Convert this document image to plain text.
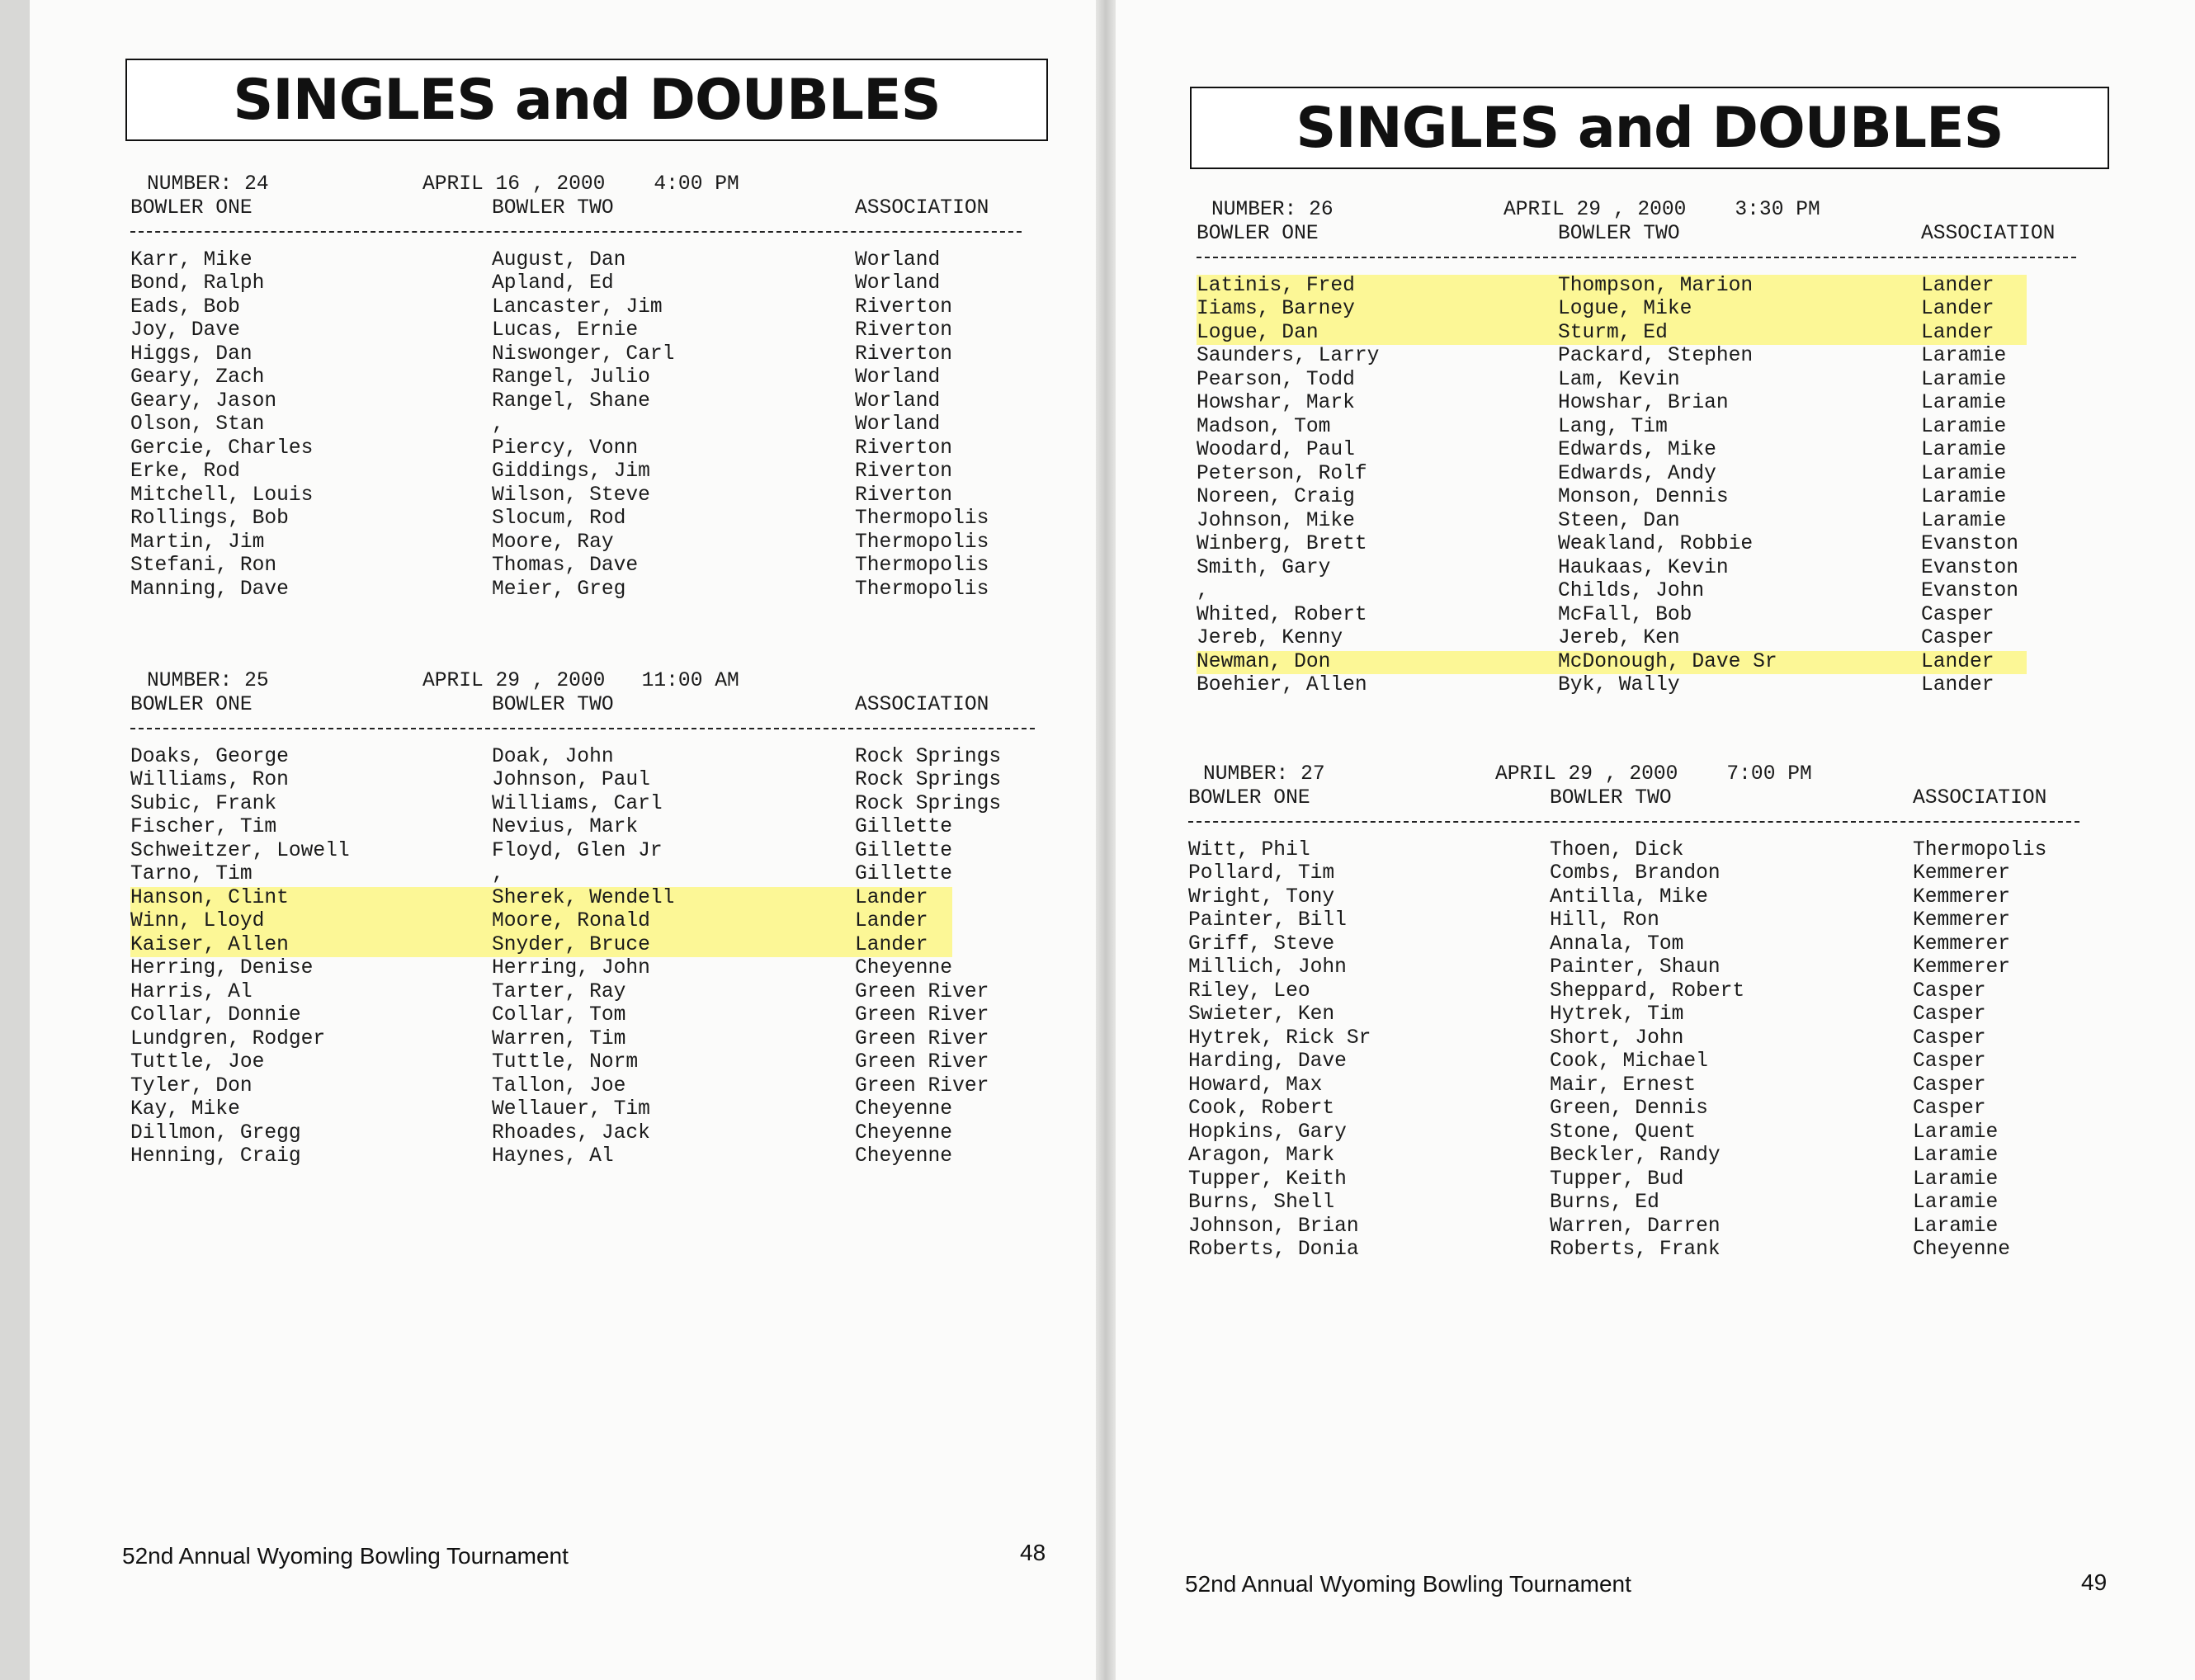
SINGLES and DOUBLES

NUMBER: 24

	APRIL 16 , 2000    4:00 PM

BOWLER ONE

	BOWLER TWO

	ASSOCIATION

Karr, Mike	August, Dan	Worland
Bond, Ralph	Apland, Ed	Worland
Eads, Bob	Lancaster, Jim	Riverton
Joy, Dave	Lucas, Ernie	Riverton
Higgs, Dan	Niswonger, Carl	Riverton
Geary, Zach	Rangel, Julio	Worland
Geary, Jason	Rangel, Shane	Worland
Olson, Stan	,	Worland
Gercie, Charles	Piercy, Vonn	Riverton
Erke, Rod	Giddings, Jim	Riverton
Mitchell, Louis	Wilson, Steve	Riverton
Rollings, Bob	Slocum, Rod	Thermopolis
Martin, Jim	Moore, Ray	Thermopolis
Stefani, Ron	Thomas, Dave	Thermopolis
Manning, Dave	Meier, Greg	Thermopolis

NUMBER: 25

	APRIL 29 , 2000   11:00 AM

BOWLER ONE

	BOWLER TWO

	ASSOCIATION

Doaks, George	Doak, John	Rock Springs
Williams, Ron	Johnson, Paul	Rock Springs
Subic, Frank	Williams, Carl	Rock Springs
Fischer, Tim	Nevius, Mark	Gillette
Schweitzer, Lowell	Floyd, Glen Jr	Gillette
Tarno, Tim	,	Gillette
Hanson, Clint	Sherek, Wendell	Lander
Winn, Lloyd	Moore, Ronald	Lander
Kaiser, Allen	Snyder, Bruce	Lander
Herring, Denise	Herring, John	Cheyenne
Harris, Al	Tarter, Ray	Green River
Collar, Donnie	Collar, Tom	Green River
Lundgren, Rodger	Warren, Tim	Green River
Tuttle, Joe	Tuttle, Norm	Green River
Tyler, Don	Tallon, Joe	Green River
Kay, Mike	Wellauer, Tim	Cheyenne
Dillmon, Gregg	Rhoades, Jack	Cheyenne
Henning, Craig	Haynes, Al	Cheyenne
52nd Annual Wyoming Bowling Tournament	48
SINGLES and DOUBLES

NUMBER: 26

	APRIL 29 , 2000    3:30 PM

BOWLER ONE

	BOWLER TWO

	ASSOCIATION

Latinis, Fred	Thompson, Marion	Lander
Iiams, Barney	Logue, Mike	Lander
Logue, Dan	Sturm, Ed	Lander
Saunders, Larry	Packard, Stephen	Laramie
Pearson, Todd	Lam, Kevin	Laramie
Howshar, Mark	Howshar, Brian	Laramie
Madson, Tom	Lang, Tim	Laramie
Woodard, Paul	Edwards, Mike	Laramie
Peterson, Rolf	Edwards, Andy	Laramie
Noreen, Craig	Monson, Dennis	Laramie
Johnson, Mike	Steen, Dan	Laramie
Winberg, Brett	Weakland, Robbie	Evanston
Smith, Gary	Haukaas, Kevin	Evanston
,	Childs, John	Evanston
Whited, Robert	McFall, Bob	Casper
Jereb, Kenny	Jereb, Ken	Casper
Newman, Don	McDonough, Dave Sr	Lander
Boehier, Allen	Byk, Wally	Lander

NUMBER: 27

	APRIL 29 , 2000    7:00 PM

BOWLER ONE

	BOWLER TWO

	ASSOCIATION

Witt, Phil	Thoen, Dick	Thermopolis
Pollard, Tim	Combs, Brandon	Kemmerer
Wright, Tony	Antilla, Mike	Kemmerer
Painter, Bill	Hill, Ron	Kemmerer
Griff, Steve	Annala, Tom	Kemmerer
Millich, John	Painter, Shaun	Kemmerer
Riley, Leo	Sheppard, Robert	Casper
Swieter, Ken	Hytrek, Tim	Casper
Hytrek, Rick Sr	Short, John	Casper
Harding, Dave	Cook, Michael	Casper
Howard, Max	Mair, Ernest	Casper
Cook, Robert	Green, Dennis	Casper
Hopkins, Gary	Stone, Quent	Laramie
Aragon, Mark	Beckler, Randy	Laramie
Tupper, Keith	Tupper, Bud	Laramie
Burns, Shell	Burns, Ed	Laramie
Johnson, Brian	Warren, Darren	Laramie
Roberts, Donia	Roberts, Frank	Cheyenne
52nd Annual Wyoming Bowling Tournament	49
